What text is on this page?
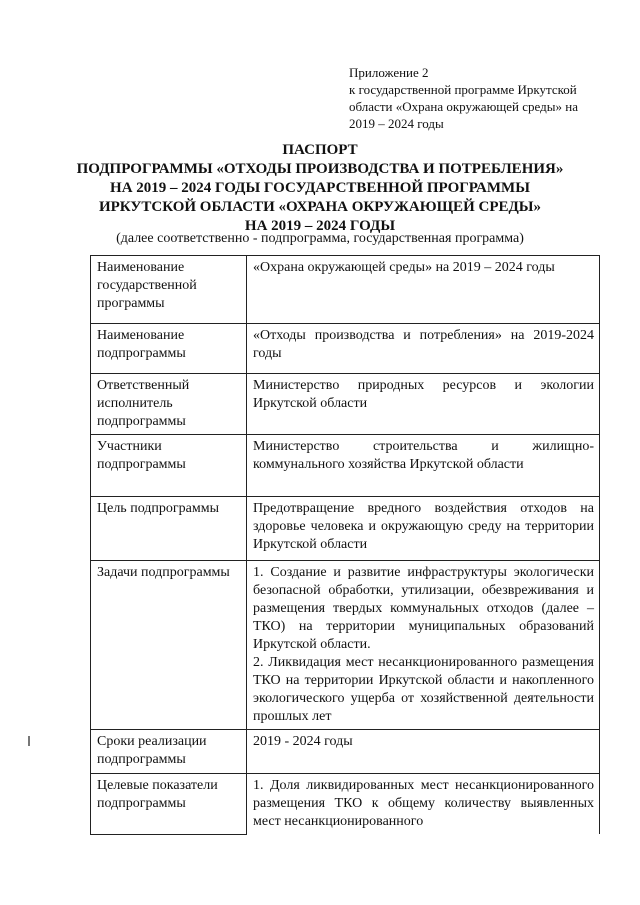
Приложение 2
к государственной программе Иркутской
области «Охрана окружающей среды» на
2019 – 2024 годы
ПАСПОРТ
ПОДПРОГРАММЫ «ОТХОДЫ ПРОИЗВОДСТВА И ПОТРЕБЛЕНИЯ»
НА 2019 – 2024 ГОДЫ ГОСУДАРСТВЕННОЙ ПРОГРАММЫ
ИРКУТСКОЙ ОБЛАСТИ «ОХРАНА ОКРУЖАЮЩЕЙ СРЕДЫ»
НА 2019 – 2024 ГОДЫ
(далее соответственно - подпрограмма, государственная программа)
Наименование государственной программы	«Охрана окружающей среды» на 2019 – 2024 годы
Наименование подпрограммы	«Отходы производства и потребления» на 2019-2024 годы
Ответственный исполнитель подпрограммы	Министерство природных ресурсов и экологии Иркутской области
Участники подпрограммы	Министерство строительства и жилищно-коммунального хозяйства Иркутской области
Цель подпрограммы	Предотвращение вредного воздействия отходов на здоровье человека и окружающую среду на территории Иркутской области
Задачи подпрограммы	1. Создание и развитие инфраструктуры экологически безопасной обработки, утилизации, обезвреживания и размещения твердых коммунальных отходов (далее – ТКО) на территории муниципальных образований Иркутской области.
2. Ликвидация мест несанкционированного размещения ТКО на территории Иркутской области и накопленного экологического ущерба от хозяйственной деятельности прошлых лет

Сроки реализации подпрограммы	2019 - 2024 годы
Целевые показатели подпрограммы	1. Доля ликвидированных мест несанкционированного размещения ТКО к общему количеству выявленных мест несанкционированного
